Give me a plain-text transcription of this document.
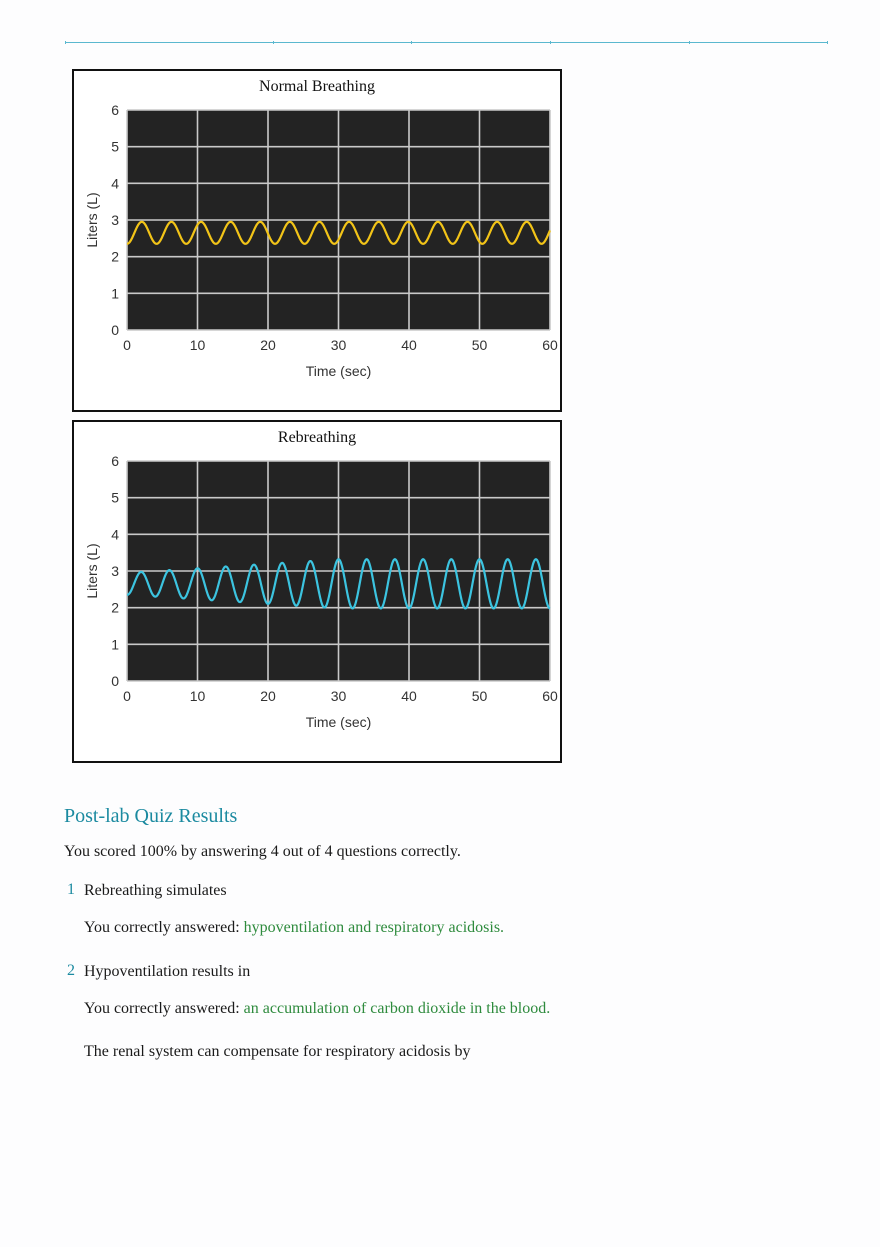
Normal Breathing
0
1
2
3
4
5
6
0	10	20	30	40	50	60
Time (sec)
Liters (L)
Rebreathing
0
1
2
3
4
5
6
0	10	20	30	40	50	60
Time (sec)
Liters (L)
Post-lab Quiz Results
You scored 100% by answering 4 out of 4 questions correctly.
1 Rebreathing simulates
You correctly answered: hypoventilation and respiratory acidosis.
2 Hypoventilation results in
You correctly answered: an accumulation of carbon dioxide in the blood.
The renal system can compensate for respiratory acidosis by
